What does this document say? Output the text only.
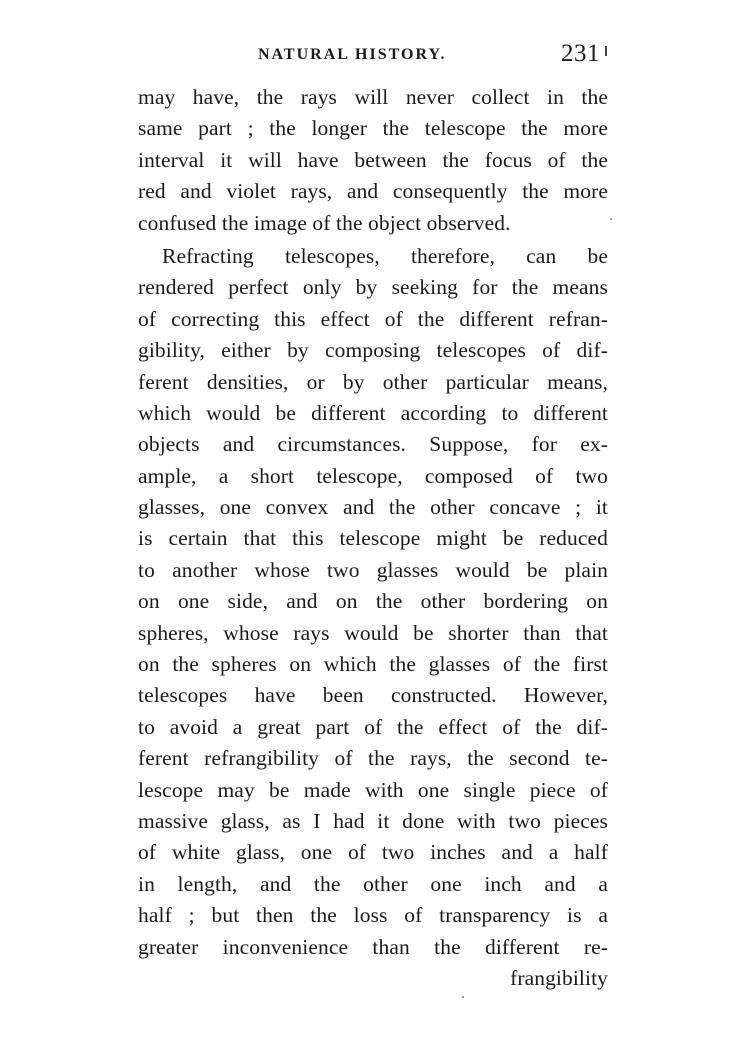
NATURAL HISTORY.	231
may have, the rays will never collect in the
same part ; the longer the telescope the more
interval it will have between the focus of the
red and violet rays, and consequently the more
confused the image of the object observed.
Refracting telescopes, therefore, can be
rendered perfect only by seeking for the means
of correcting this effect of the different refran-
gibility, either by composing telescopes of dif-
ferent densities, or by other particular means,
which would be different according to different
objects and circumstances. Suppose, for ex-
ample, a short telescope, composed of two
glasses, one convex and the other concave ; it
is certain that this telescope might be reduced
to another whose two glasses would be plain
on one side, and on the other bordering on
spheres, whose rays would be shorter than that
on the spheres on which the glasses of the first
telescopes have been constructed. However,
to avoid a great part of the effect of the dif-
ferent refrangibility of the rays, the second te-
lescope may be made with one single piece of
massive glass, as I had it done with two pieces
of white glass, one of two inches and a half
in length, and the other one inch and a
half ; but then the loss of transparency is a
greater inconvenience than the different re-
frangibility
